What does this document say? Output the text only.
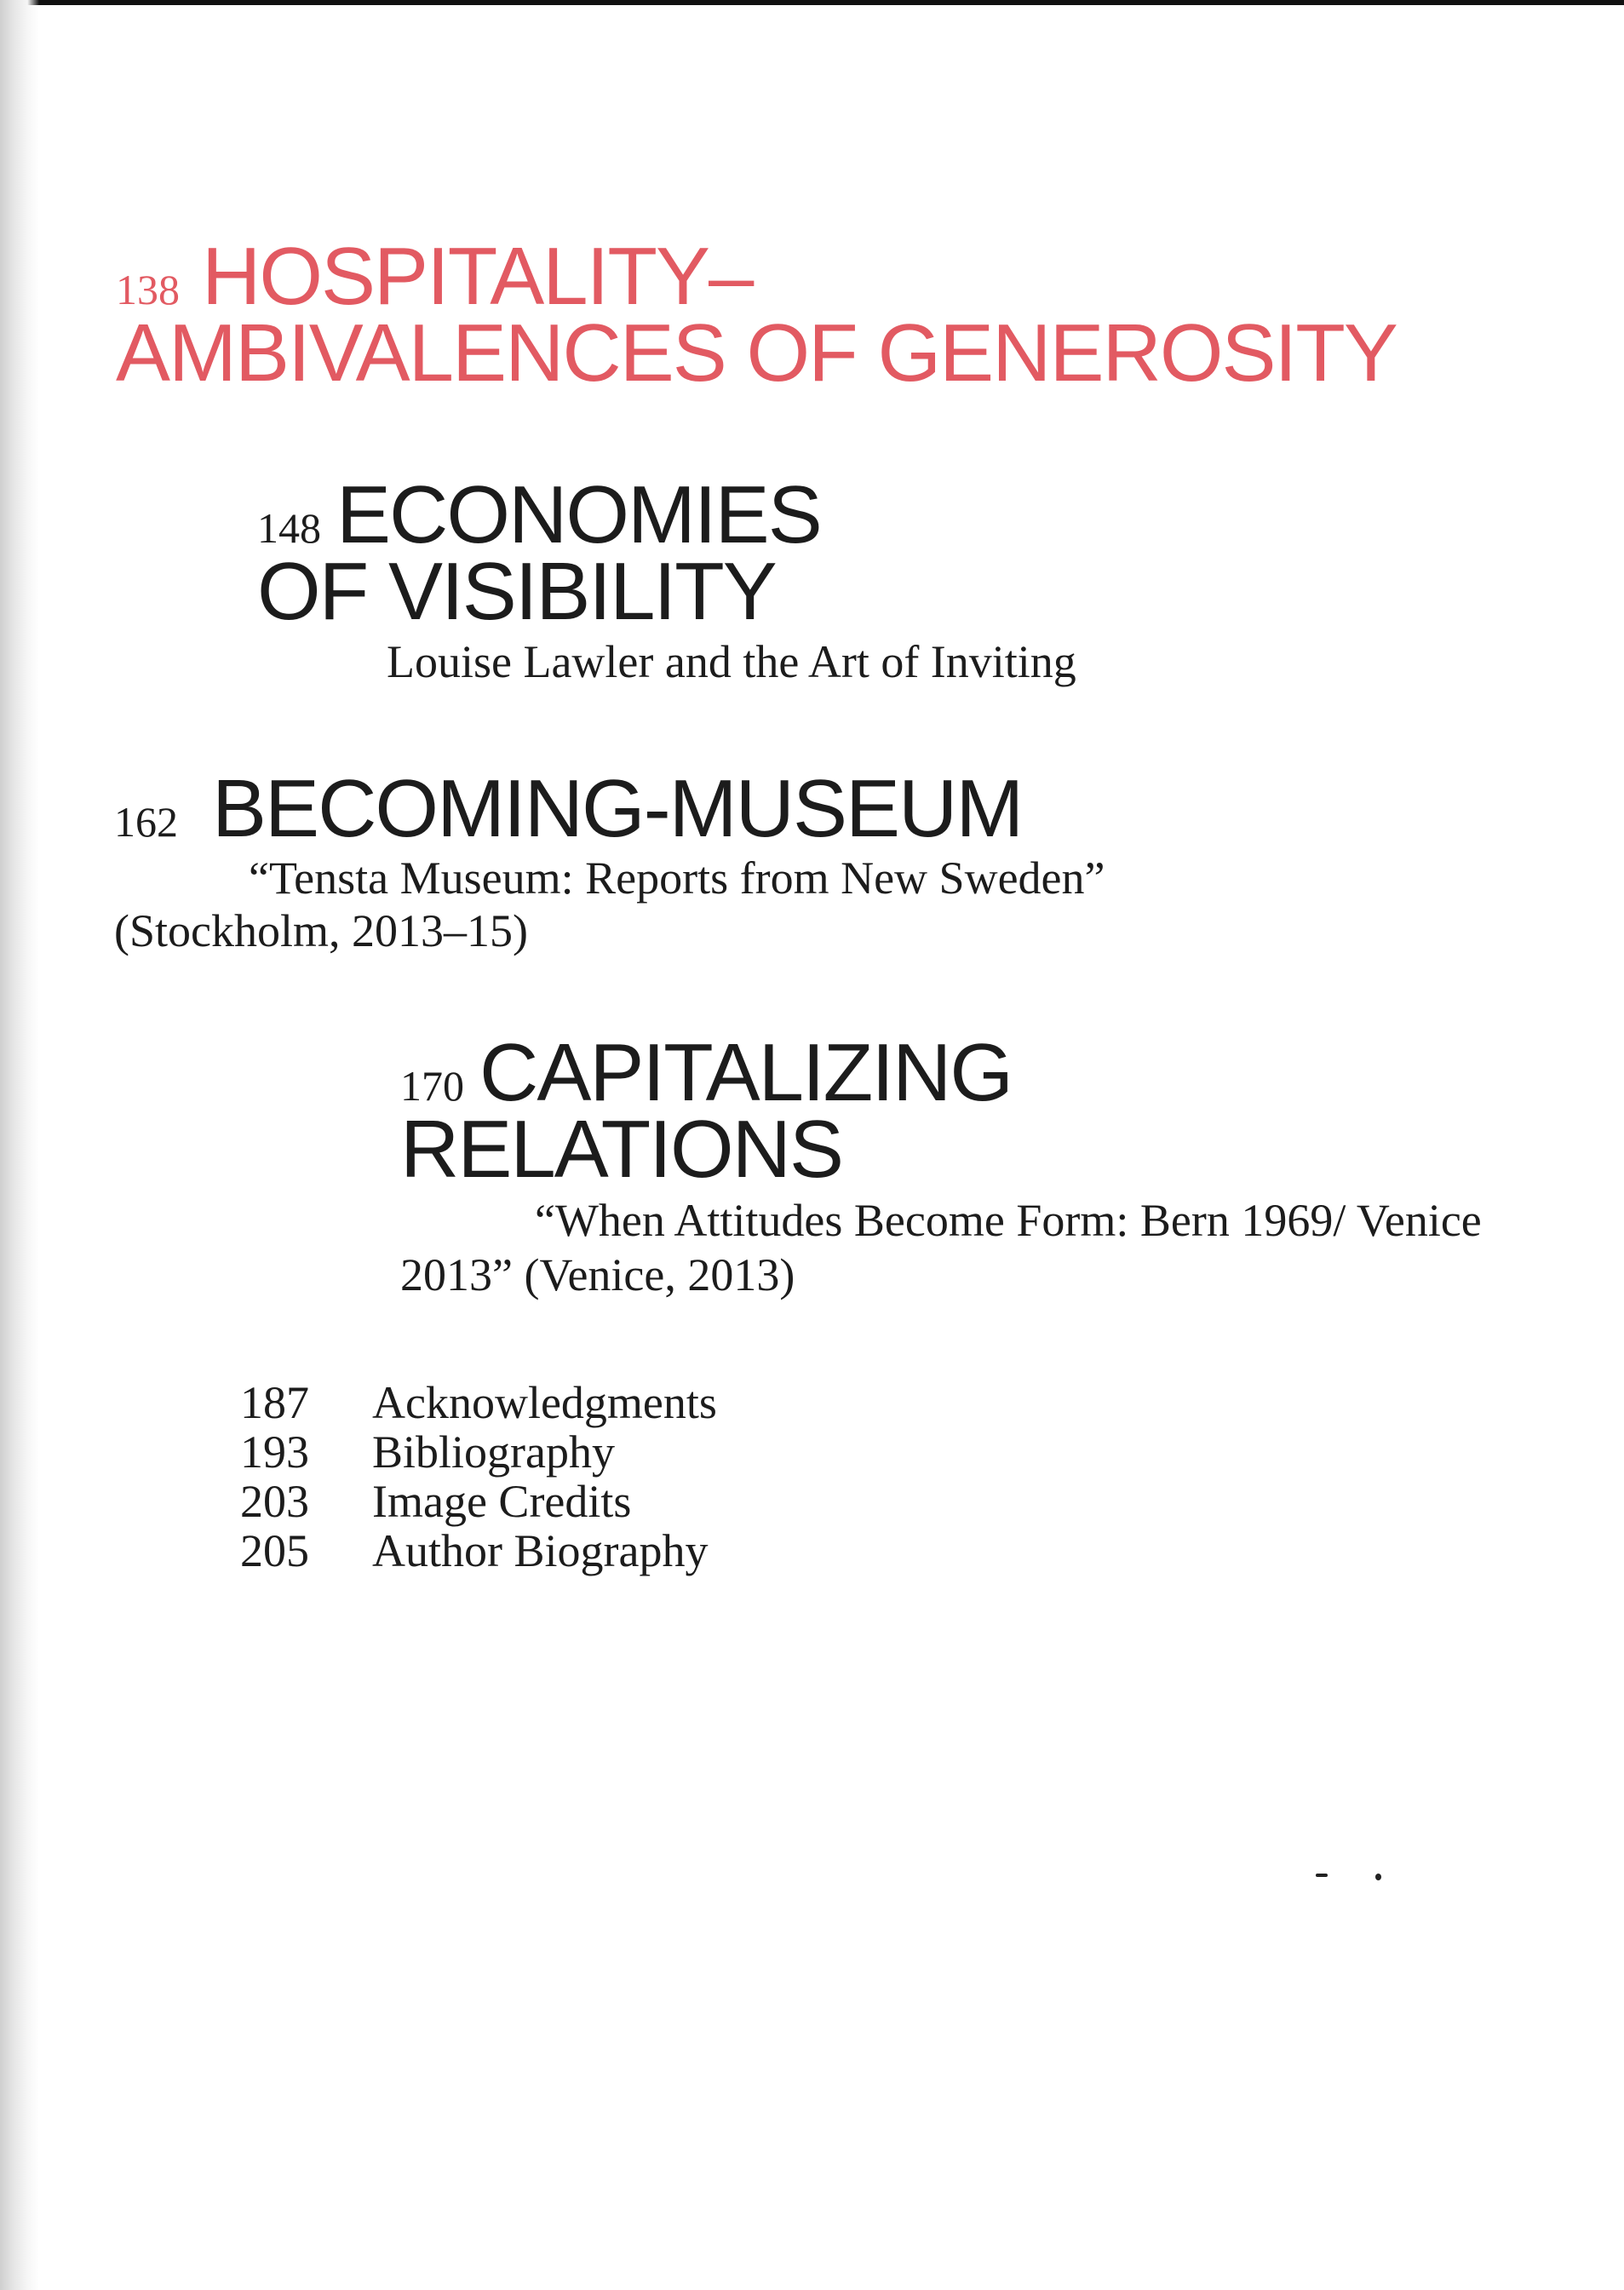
138 HOSPITALITY–
AMBIVALENCES OF GENEROSITY
148 ECONOMIES
OF VISIBILITY
Louise Lawler and the Art of Inviting
162 BECOMING-MUSEUM
“Tensta Museum: Reports from New Sweden” (Stockholm, 2013–15)
170 CAPITALIZING
RELATIONS
“When Attitudes Become Form: Bern 1969/ Venice 2013” (Venice, 2013)
187 Acknowledgments
193 Bibliography
203 Image Credits
205 Author Biography
